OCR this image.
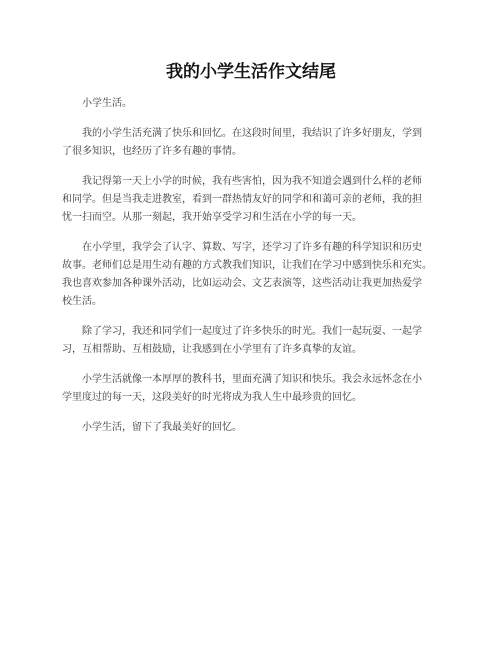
我的小学生活作文结尾

小学生活。

我的小学生活充满了快乐和回忆。在这段时间里，我结识了许多好朋友，学到
了很多知识，也经历了许多有趣的事情。

我记得第一天上小学的时候，我有些害怕，因为我不知道会遇到什么样的老师
和同学。但是当我走进教室，看到一群热情友好的同学和和蔼可亲的老师，我的担
忧一扫而空。从那一刻起，我开始享受学习和生活在小学的每一天。

在小学里，我学会了认字、算数、写字，还学习了许多有趣的科学知识和历史
故事。老师们总是用生动有趣的方式教我们知识，让我们在学习中感到快乐和充实。
我也喜欢参加各种课外活动，比如运动会、文艺表演等，这些活动让我更加热爱学
校生活。

除了学习，我还和同学们一起度过了许多快乐的时光。我们一起玩耍、一起学
习，互相帮助、互相鼓励，让我感到在小学里有了许多真挚的友谊。

小学生活就像一本厚厚的教科书，里面充满了知识和快乐。我会永远怀念在小
学里度过的每一天，这段美好的时光将成为我人生中最珍贵的回忆。

小学生活，留下了我最美好的回忆。
